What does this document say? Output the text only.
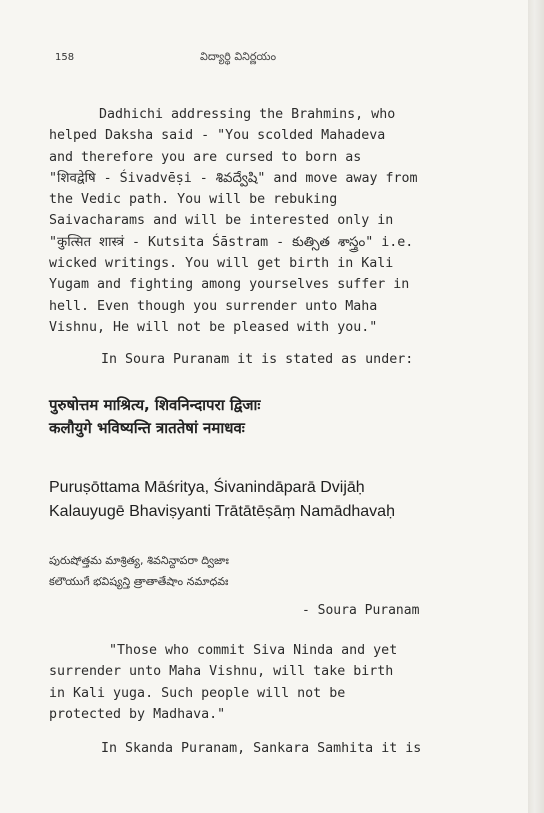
158	విద్యార్థి వినిర్ణయం
Dadhichi addressing the Brahmins, who
helped Daksha said - "You scolded Mahadeva
and therefore you are cursed to born as
"शिवद्वेषि - Śivadvēṣi - శివద్వేషి" and move away from
the Vedic path. You will be rebuking
Saivacharams and will be interested only in
"कुत्सित शास्त्रं - Kutsita Śāstram - కుత్సిత శాస్త్రం" i.e.
wicked writings. You will get birth in Kali
Yugam and fighting among yourselves suffer in
hell. Even though you surrender unto Maha
Vishnu, He will not be pleased with you."
In Soura Puranam it is stated as under:
पुरुषोत्तम माश्रित्य, शिवनिन्दापरा द्विजाः
कलौयुगे भविष्यन्ति त्राततेषां नमाधवः
Puruṣōttama Māśritya, Śivanindāparā Dvijāḥ
Kalauyugē Bhaviṣyanti Trātātēṣāṃ Namādhavaḥ
పురుషోత్తమ మాశ్రిత్య, శివనిన్దాపరా ద్విజాః
కలౌయుగే భవిష్యన్తి త్రాతాతేషాం నమాధవః
- Soura Puranam
"Those who commit Siva Ninda and yet
surrender unto Maha Vishnu, will take birth
in Kali yuga. Such people will not be
protected by Madhava."
In Skanda Puranam, Sankara Samhita it is
